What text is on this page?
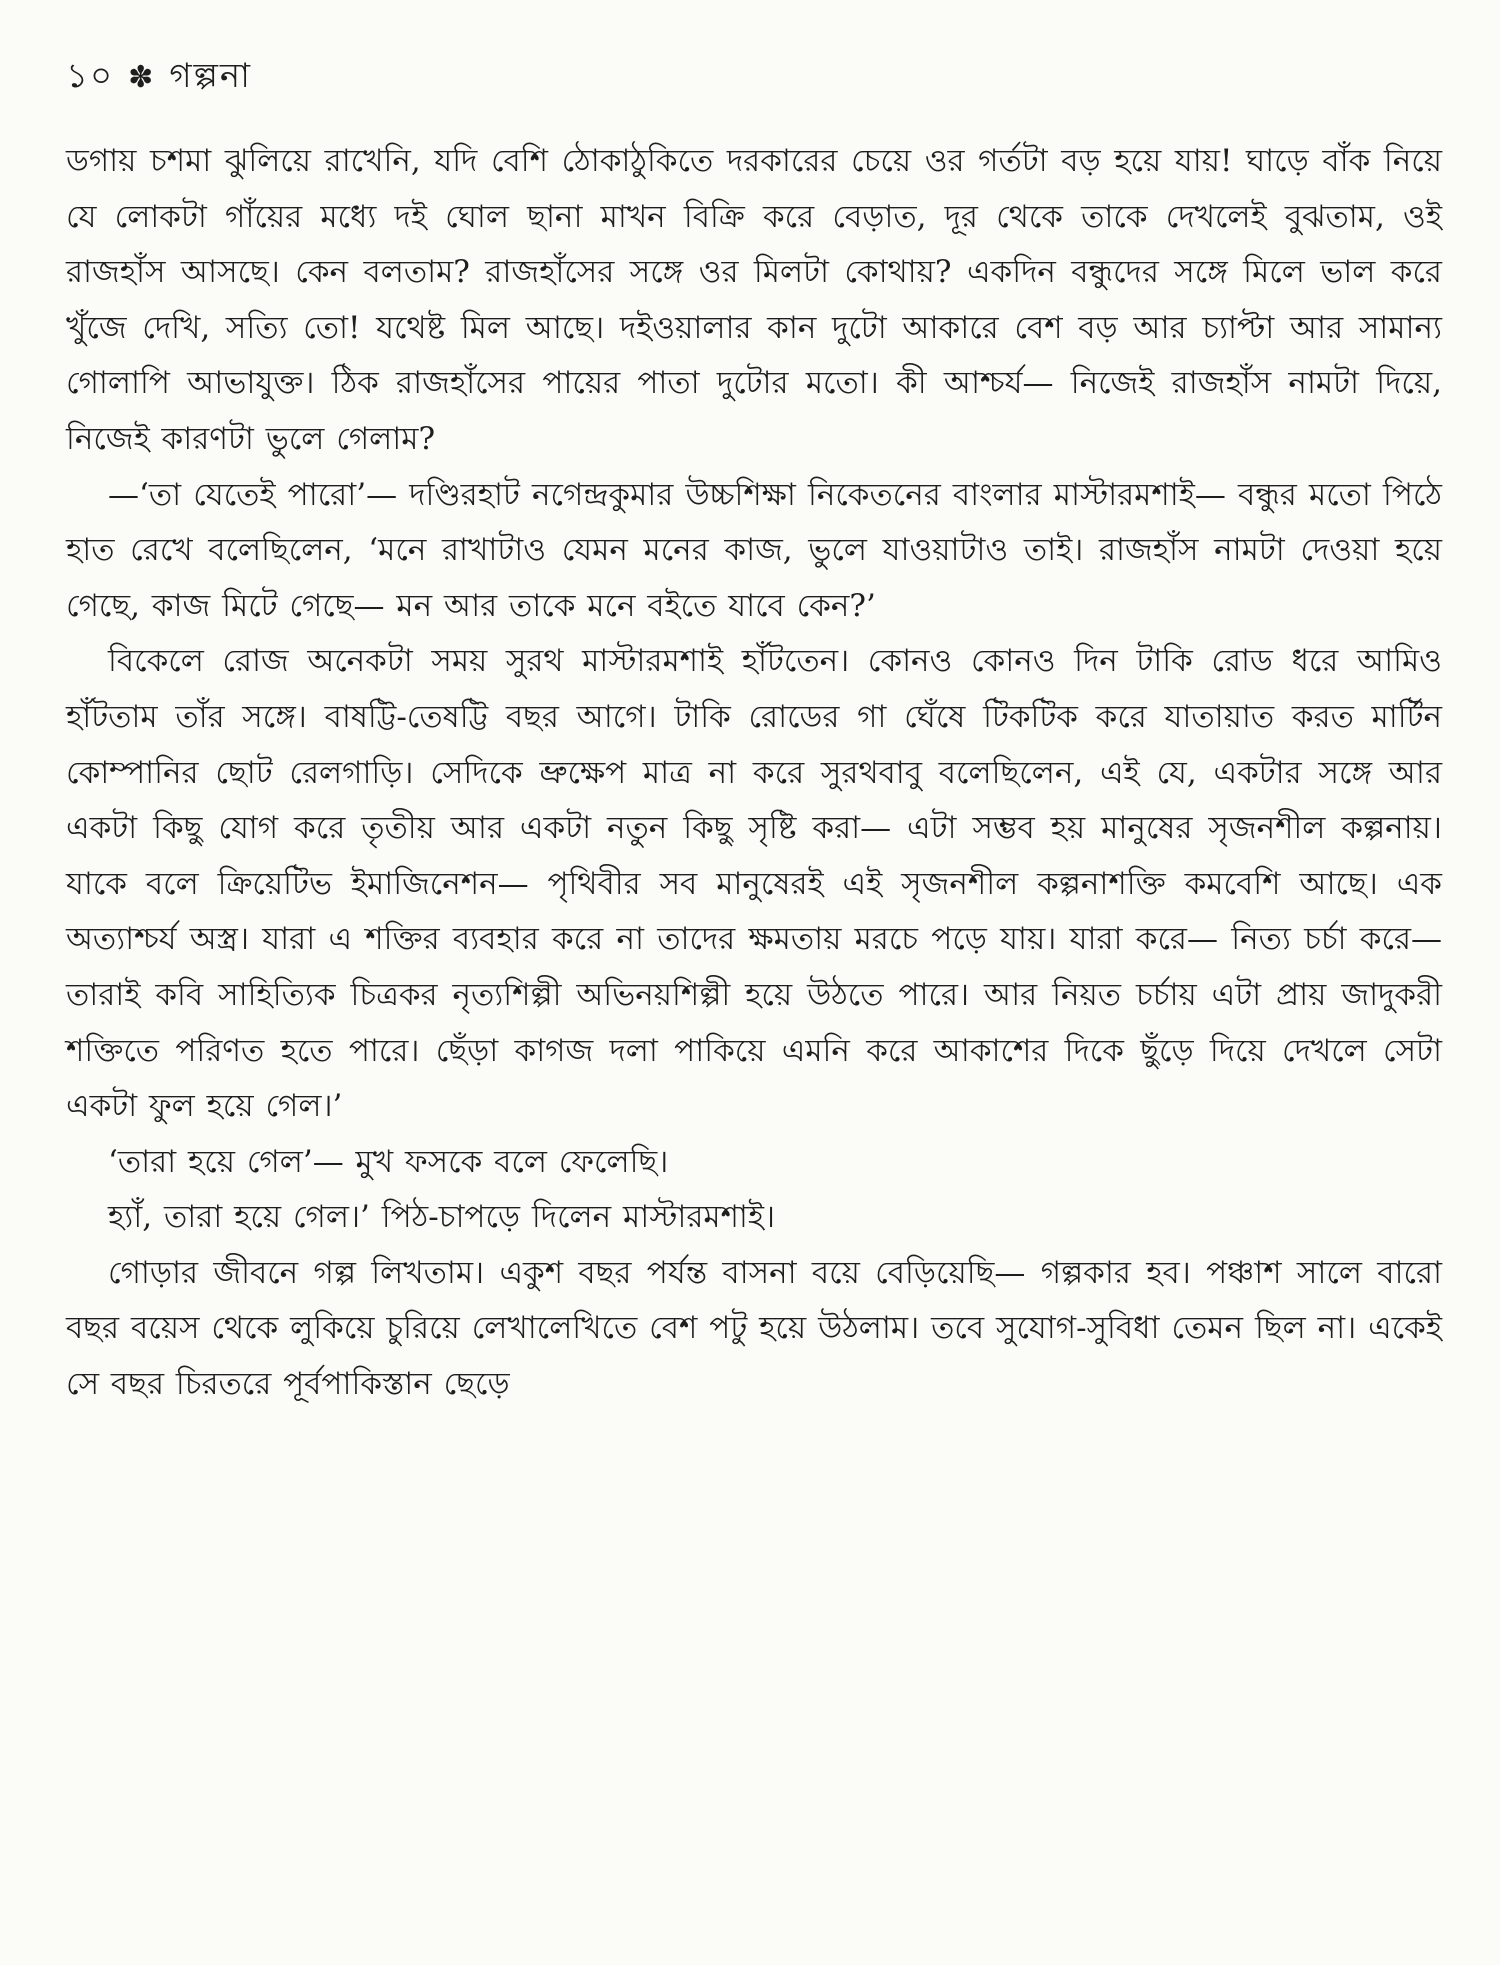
১০ ✽ গল্পনা

ডগায় চশমা ঝুলিয়ে রাখেনি, যদি বেশি ঠোকাঠুকিতে দরকারের চেয়ে ওর গর্তটা বড় হয়ে যায়! ঘাড়ে বাঁক নিয়ে যে লোকটা গাঁয়ের মধ্যে দই ঘোল ছানা মাখন বিক্রি করে বেড়াত, দূর থেকে তাকে দেখলেই বুঝতাম, ওই রাজহাঁস আসছে। কেন বলতাম? রাজহাঁসের সঙ্গে ওর মিলটা কোথায়? একদিন বন্ধুদের সঙ্গে মিলে ভাল করে খুঁজে দেখি, সত্যি তো! যথেষ্ট মিল আছে। দইওয়ালার কান দুটো আকারে বেশ বড় আর চ্যাপ্টা আর সামান্য গোলাপি আভাযুক্ত। ঠিক রাজহাঁসের পায়ের পাতা দুটোর মতো। কী আশ্চর্য— নিজেই রাজহাঁস নামটা দিয়ে, নিজেই কারণটা ভুলে গেলাম?

—‘তা যেতেই পারো’— দণ্ডিরহাট নগেন্দ্রকুমার উচ্চশিক্ষা নিকেতনের বাংলার মাস্টারমশাই— বন্ধুর মতো পিঠে হাত রেখে বলেছিলেন, ‘মনে রাখাটাও যেমন মনের কাজ, ভুলে যাওয়াটাও তাই। রাজহাঁস নামটা দেওয়া হয়ে গেছে, কাজ মিটে গেছে— মন আর তাকে মনে বইতে যাবে কেন?’

বিকেলে রোজ অনেকটা সময় সুরথ মাস্টারমশাই হাঁটতেন। কোনও কোনও দিন টাকি রোড ধরে আমিও হাঁটতাম তাঁর সঙ্গে। বাষট্টি-তেষট্টি বছর আগে। টাকি রোডের গা ঘেঁষে টিকটিক করে যাতায়াত করত মার্টিন কোম্পানির ছোট রেলগাড়ি। সেদিকে ভ্রুক্ষেপ মাত্র না করে সুরথবাবু বলেছিলেন, এই যে, একটার সঙ্গে আর একটা কিছু যোগ করে তৃতীয় আর একটা নতুন কিছু সৃষ্টি করা— এটা সম্ভব হয় মানুষের সৃজনশীল কল্পনায়। যাকে বলে ক্রিয়েটিভ ইমাজিনেশন— পৃথিবীর সব মানুষেরই এই সৃজনশীল কল্পনাশক্তি কমবেশি আছে। এক অত্যাশ্চর্য অস্ত্র। যারা এ শক্তির ব্যবহার করে না তাদের ক্ষমতায় মরচে পড়ে যায়। যারা করে— নিত্য চর্চা করে— তারাই কবি সাহিত্যিক চিত্রকর নৃত্যশিল্পী অভিনয়শিল্পী হয়ে উঠতে পারে। আর নিয়ত চর্চায় এটা প্রায় জাদুকরী শক্তিতে পরিণত হতে পারে। ছেঁড়া কাগজ দলা পাকিয়ে এমনি করে আকাশের দিকে ছুঁড়ে দিয়ে দেখলে সেটা একটা ফুল হয়ে গেল।’

‘তারা হয়ে গেল’— মুখ ফসকে বলে ফেলেছি।

হ্যাঁ, তারা হয়ে গেল।’ পিঠ-চাপড়ে দিলেন মাস্টারমশাই।

গোড়ার জীবনে গল্প লিখতাম। একুশ বছর পর্যন্ত বাসনা বয়ে বেড়িয়েছি— গল্পকার হব। পঞ্চাশ সালে বারো বছর বয়েস থেকে লুকিয়ে চুরিয়ে লেখালেখিতে বেশ পটু হয়ে উঠলাম। তবে সুযোগ-সুবিধা তেমন ছিল না। একেই সে বছর চিরতরে পূর্বপাকিস্তান ছেড়ে
